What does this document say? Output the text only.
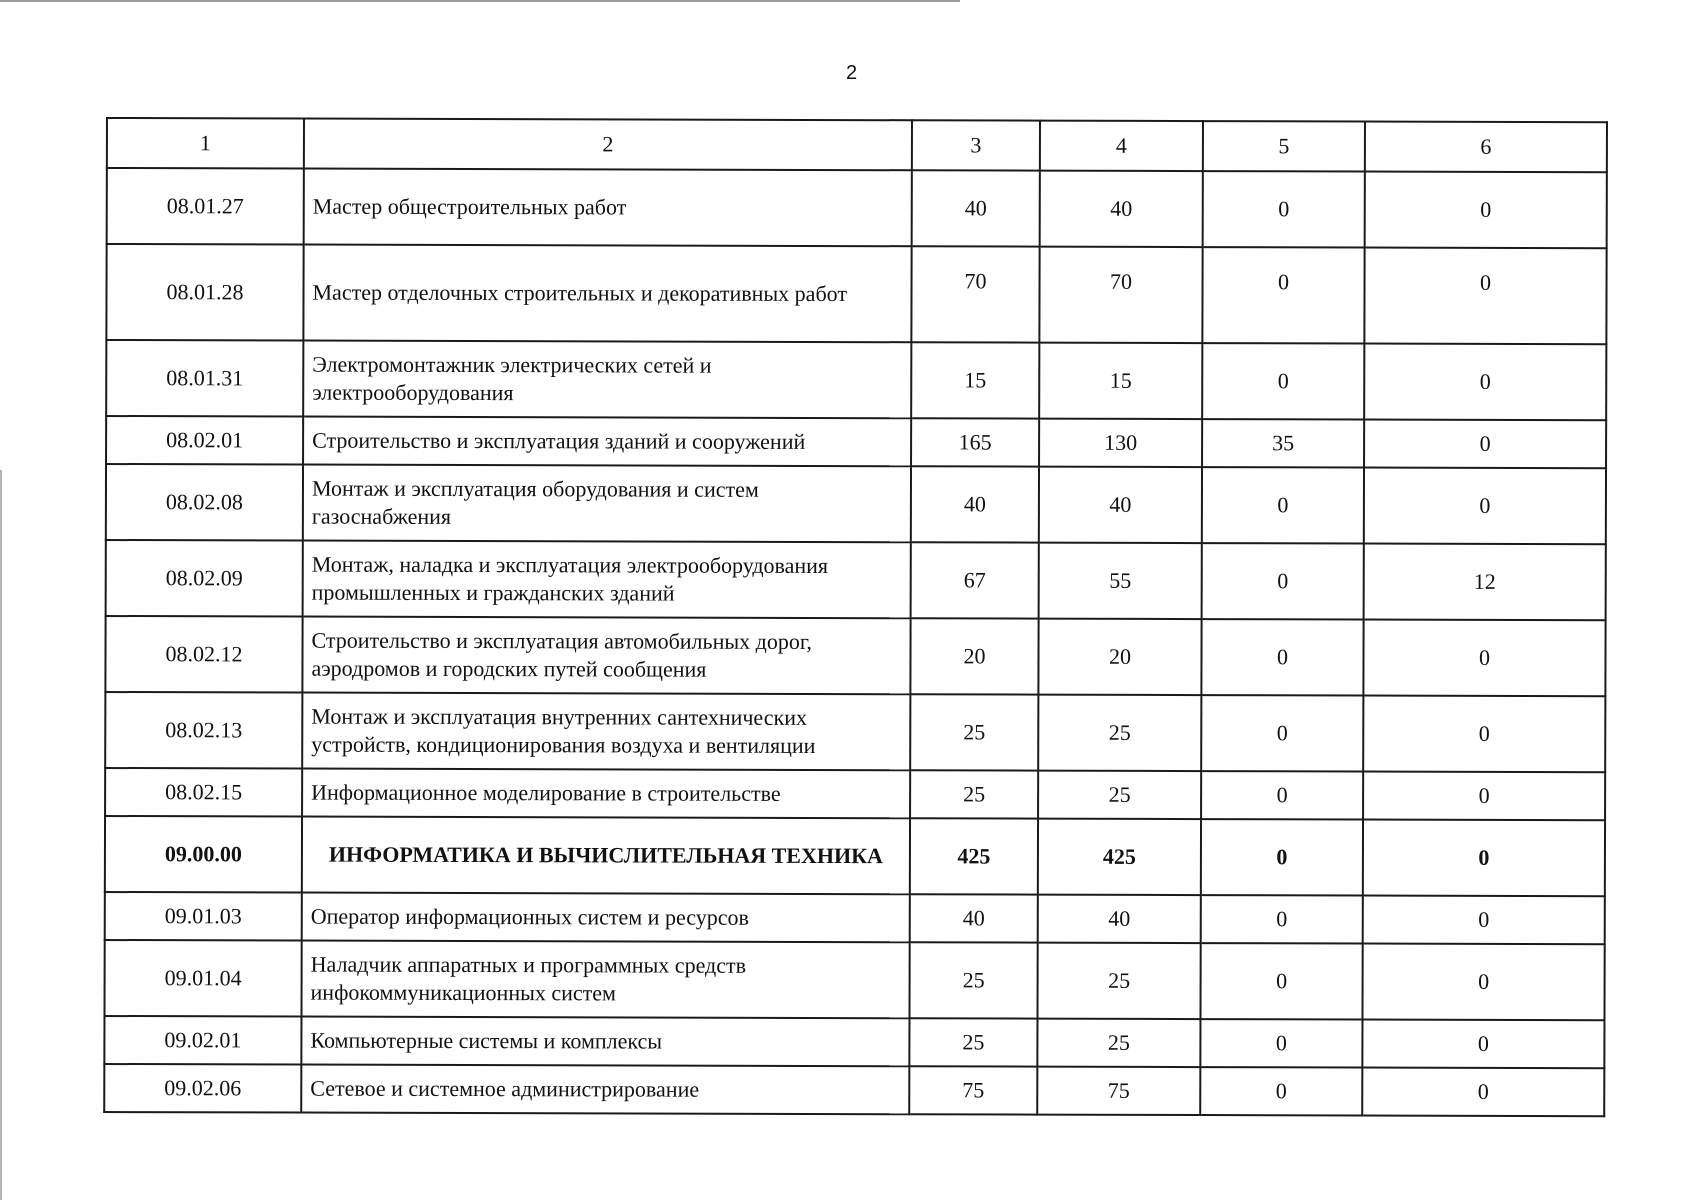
2
1	2	3	4	5	6
08.01.27	Мастер общестроительных работ	40	40	0	0
08.01.28	Мастер отделочных строительных и декоративных работ	70	70	0	0
08.01.31	Электромонтажник электрических сетей и электрооборудования	15	15	0	0
08.02.01	Строительство и эксплуатация зданий и сооружений	165	130	35	0
08.02.08	Монтаж и эксплуатация оборудования и систем газоснабжения	40	40	0	0
08.02.09	Монтаж, наладка и эксплуатация электрооборудования промышленных и гражданских зданий	67	55	0	12
08.02.12	Строительство и эксплуатация автомобильных дорог, аэродромов и городских путей сообщения	20	20	0	0
08.02.13	Монтаж и эксплуатация внутренних сантехнических устройств, кондиционирования воздуха и вентиляции	25	25	0	0
08.02.15	Информационное моделирование в строительстве	25	25	0	0
09.00.00	ИНФОРМАТИКА И ВЫЧИСЛИТЕЛЬНАЯ ТЕХНИКА	425	425	0	0
09.01.03	Оператор информационных систем и ресурсов	40	40	0	0
09.01.04	Наладчик аппаратных и программных средств инфокоммуникационных систем	25	25	0	0
09.02.01	Компьютерные системы и комплексы	25	25	0	0
09.02.06	Сетевое и системное администрирование	75	75	0	0
